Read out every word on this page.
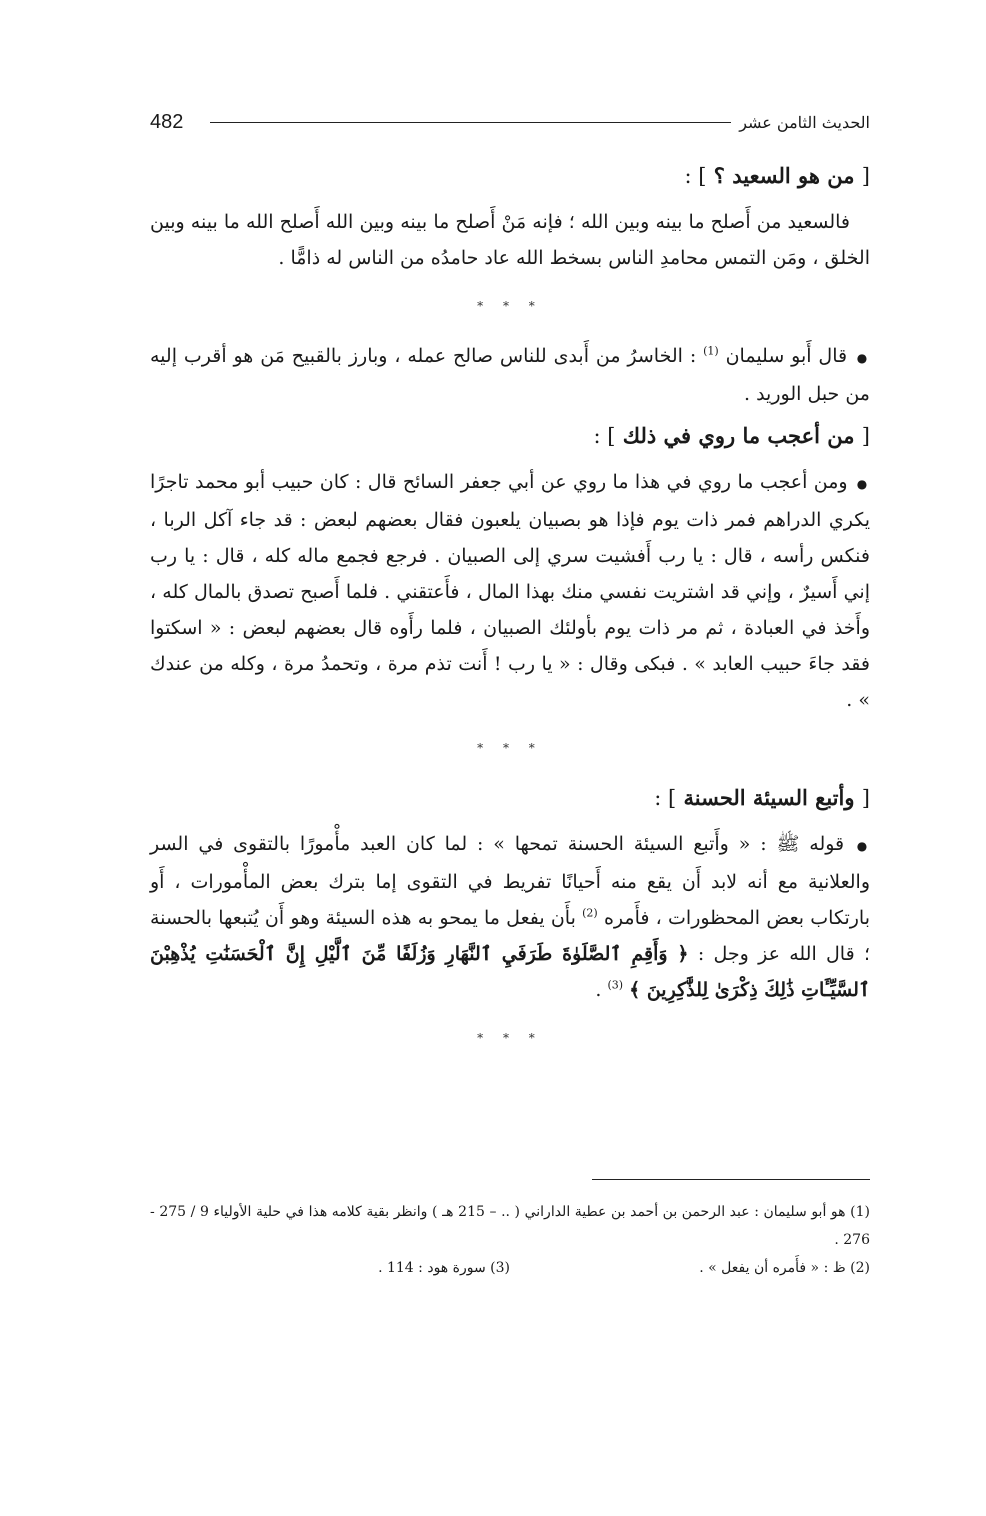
482	الحديث الثامن عشر

[ من هو السعيد ؟ ] :

فالسعيد من أَصلح ما بينه وبين الله ؛ فإنه مَنْ أَصلح ما بينه وبين الله أَصلح الله ما بينه وبين الخلق ، ومَن التمس محامدِ الناس بسخط الله عاد حامدُه من الناس له ذامًّا .

* * *

● قال أَبو سليمان $^{(1)}$ : الخاسرُ من أَبدى للناس صالح عمله ، وبارز بالقبيح مَن هو أقرب إليه من حبل الوريد .

[ من أعجب ما روي في ذلك ] :

● ومن أعجب ما روي في هذا ما روي عن أبي جعفر السائح قال : كان حبيب أبو محمد تاجرًا يكري الدراهم فمر ذات يوم فإذا هو بصبيان يلعبون فقال بعضهم لبعض : قد جاء آكل الربا ، فنكس رأسه ، قال : يا رب أَفشيت سري إلى الصبيان . فرجع فجمع ماله كله ، قال : يا رب إني أَسيرٌ ، وإني قد اشتريت نفسي منك بهذا المال ، فأَعتقني . فلما أَصبح تصدق بالمال كله ، وأَخذ في العبادة ، ثم مر ذات يوم بأولئك الصبيان ، فلما رأَوه قال بعضهم لبعض : « اسكتوا فقد جاءَ حبيب العابد » . فبكى وقال : « يا رب ! أَنت تذم مرة ، وتحمدُ مرة ، وكله من عندك » .

* * *

[ وأتبع السيئة الحسنة ] :

● قوله ﷺ : « وأَتبع السيئة الحسنة تمحها » : لما كان العبد مأْمورًا بالتقوى في السر والعلانية مع أنه لابد أَن يقع منه أَحيانًا تفريط في التقوى إما بترك بعض المأْمورات ، أَو بارتكاب بعض المحظورات ، فأَمره $^{(2)}$ بأَن يفعل ما يمحو به هذه السيئة وهو أَن يُتبعها بالحسنة ؛ قال الله عز وجل : ﴿ وَأَقِمِ ٱلصَّلَوٰةَ طَرَفَيِ ٱلنَّهَارِ وَزُلَفًا مِّنَ ٱلَّيْلِ إِنَّ ٱلْحَسَنَٰتِ يُذْهِبْنَ ٱلسَّيِّـَٔاتِ ذَٰلِكَ ذِكْرَىٰ لِلذَّٰكِرِينَ ﴾ $^{(3)}$ .

* * *
(1) هو أبو سليمان : عبد الرحمن بن أحمد بن عطية الداراني ( .. – 215 هـ ) وانظر بقية كلامه هذا في حلية الأولياء 9 / 275 - 276 .
(2) ظ : « فأَمره أن يفعل » .
(3) سورة هود : 114 .
